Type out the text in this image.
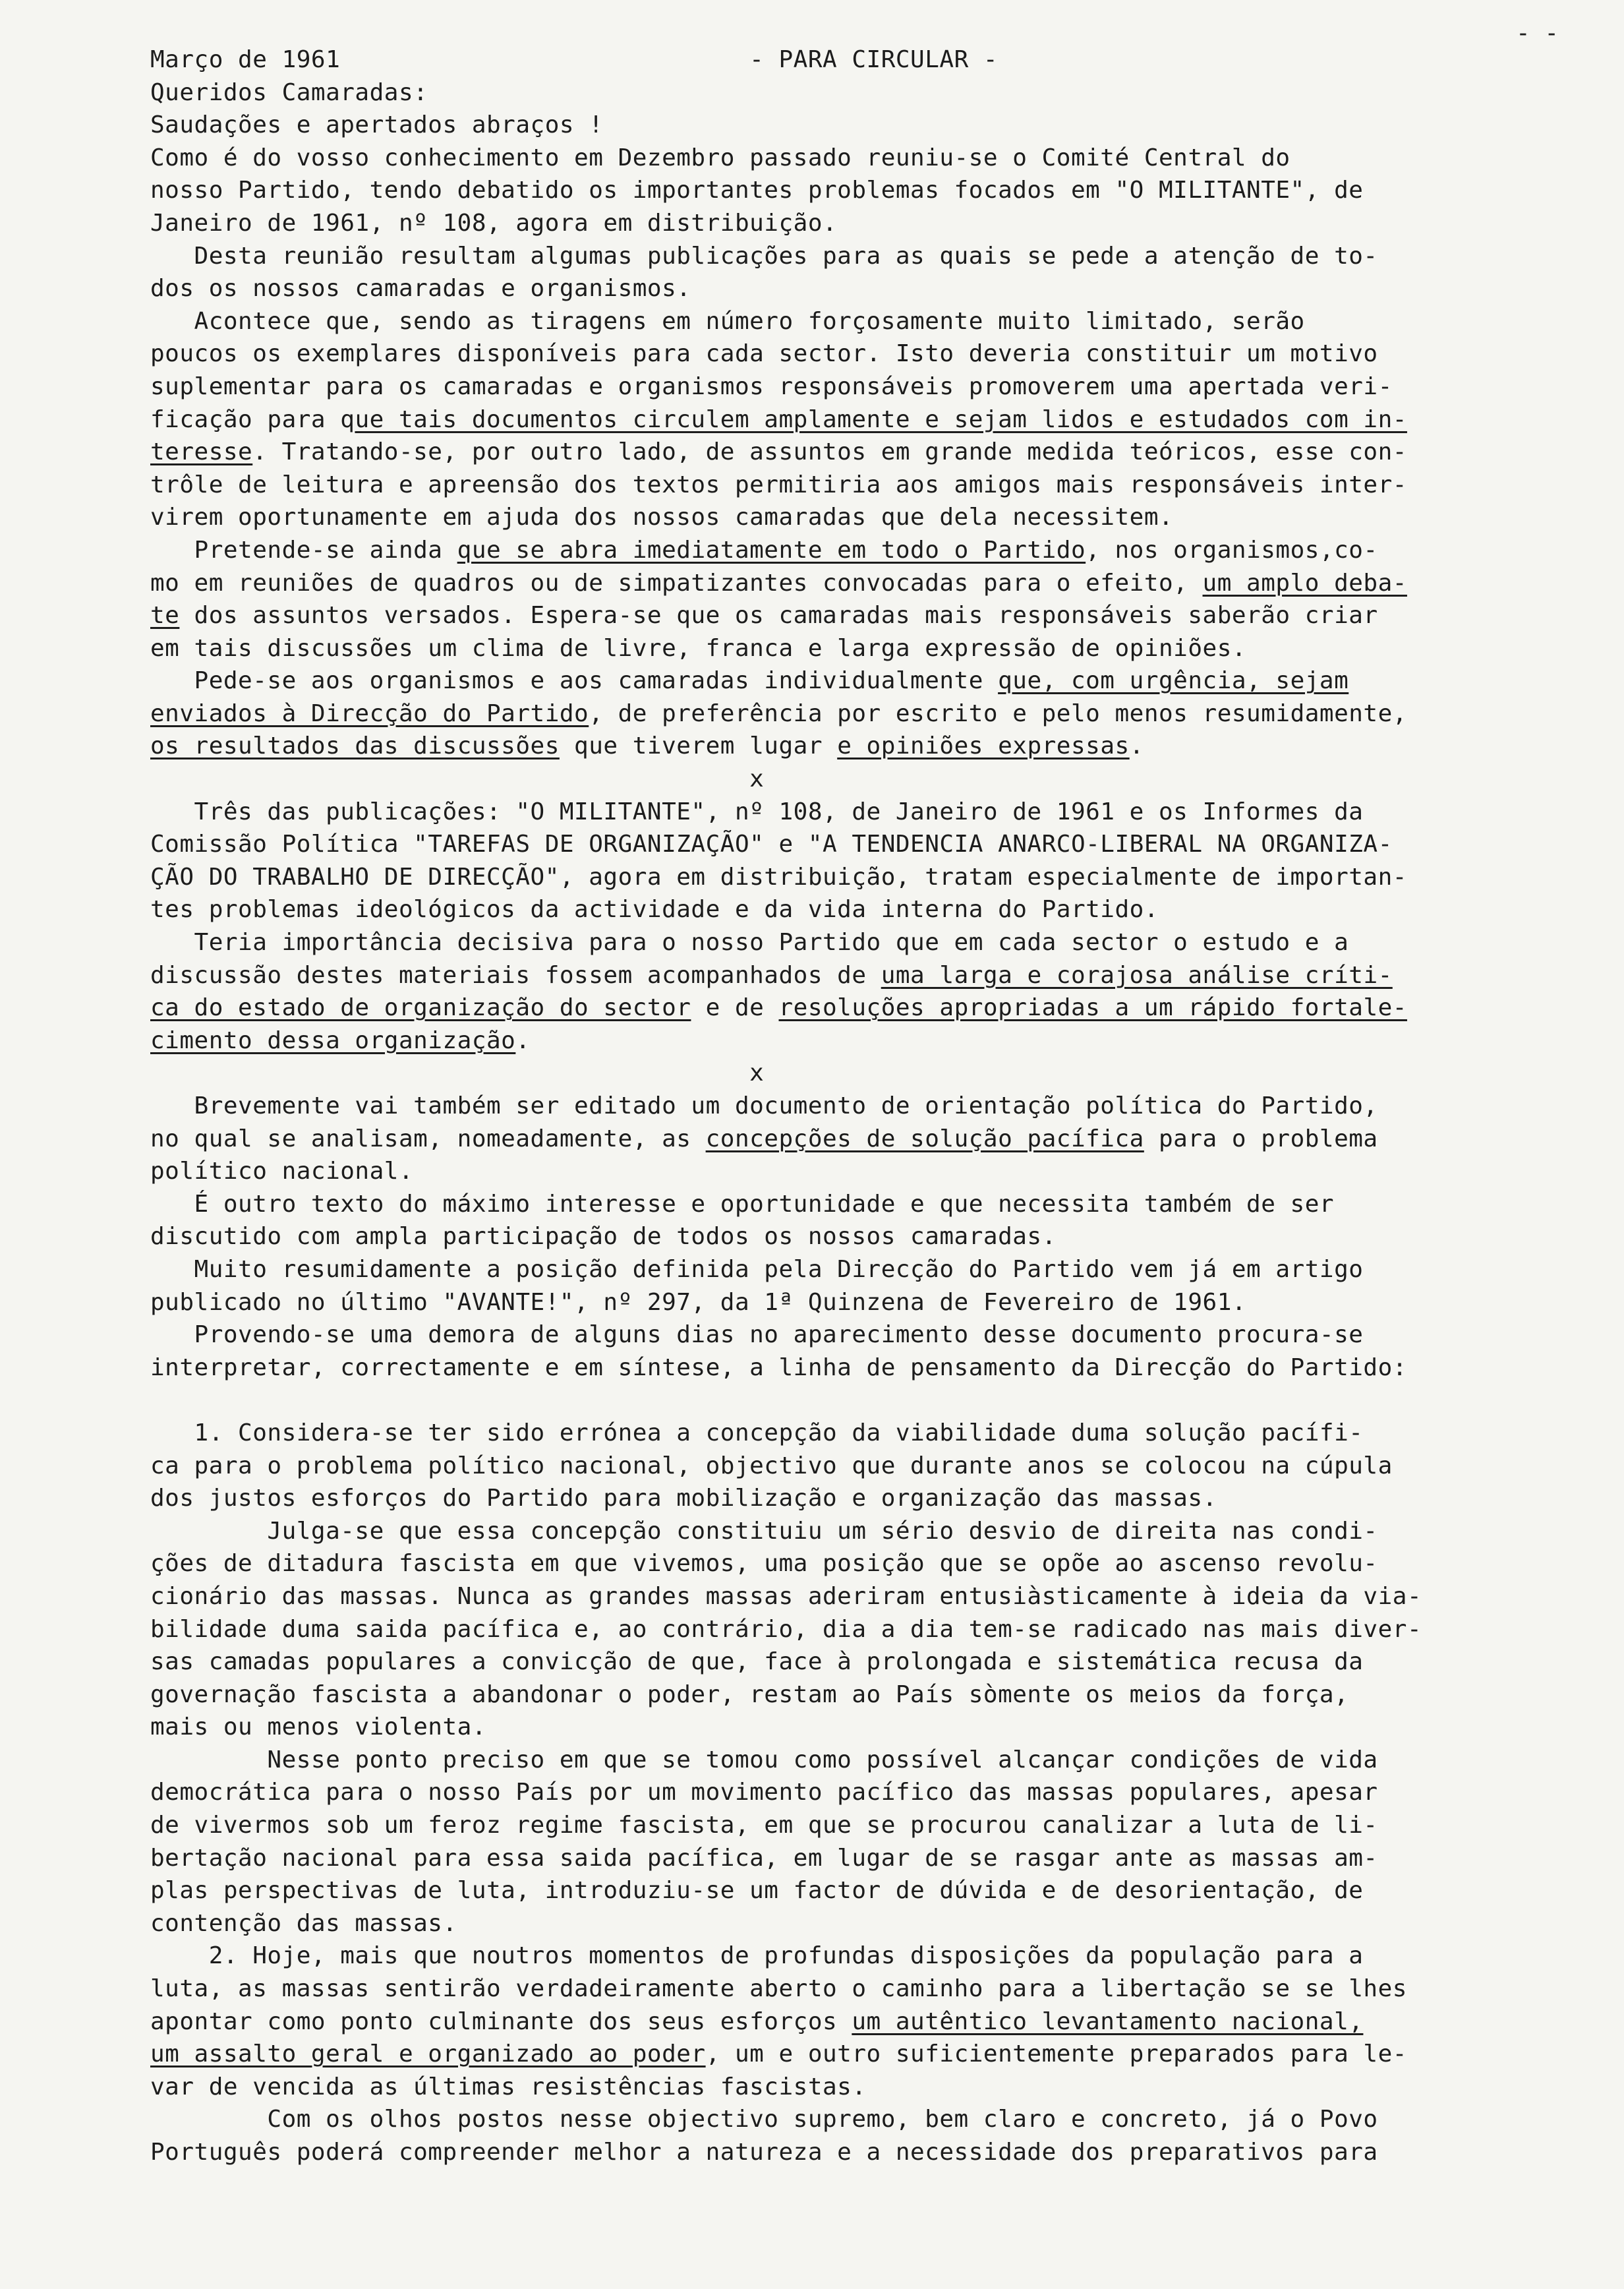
- -
Março de 1961	- PARA CIRCULAR -
Queridos Camaradas:
Saudações e apertados abraços !
Como é do vosso conhecimento em Dezembro passado reuniu-se o Comité Central do
nosso Partido, tendo debatido os importantes problemas focados em "O MILITANTE", de
Janeiro de 1961, nº 108, agora em distribuição.
Desta reunião resultam algumas publicações para as quais se pede a atenção de to-
dos os nossos camaradas e organismos.
Acontece que, sendo as tiragens em número forçosamente muito limitado, serão
poucos os exemplares disponíveis para cada sector. Isto deveria constituir um motivo
suplementar para os camaradas e organismos responsáveis promoverem uma apertada veri-
ficação para que tais documentos circulem amplamente e sejam lidos e estudados com in-
teresse. Tratando-se, por outro lado, de assuntos em grande medida teóricos, esse con-
trôle de leitura e apreensão dos textos permitiria aos amigos mais responsáveis inter-
virem oportunamente em ajuda dos nossos camaradas que dela necessitem.
Pretende-se ainda que se abra imediatamente em todo o Partido, nos organismos,co-
mo em reuniões de quadros ou de simpatizantes convocadas para o efeito, um amplo deba-
te dos assuntos versados. Espera-se que os camaradas mais responsáveis saberão criar
em tais discussões um clima de livre, franca e larga expressão de opiniões.
Pede-se aos organismos e aos camaradas individualmente que, com urgência, sejam
enviados à Direcção do Partido, de preferência por escrito e pelo menos resumidamente,
os resultados das discussões que tiverem lugar e opiniões expressas.
x
Três das publicações: "O MILITANTE", nº 108, de Janeiro de 1961 e os Informes da
Comissão Política "TAREFAS DE ORGANIZAÇÃO" e "A TENDENCIA ANARCO-LIBERAL NA ORGANIZA-
ÇÃO DO TRABALHO DE DIRECÇÃO", agora em distribuição, tratam especialmente de importan-
tes problemas ideológicos da actividade e da vida interna do Partido.
Teria importância decisiva para o nosso Partido que em cada sector o estudo e a
discussão destes materiais fossem acompanhados de uma larga e corajosa análise críti-
ca do estado de organização do sector e de resoluções apropriadas a um rápido fortale-
cimento dessa organização.
x
Brevemente vai também ser editado um documento de orientação política do Partido,
no qual se analisam, nomeadamente, as concepções de solução pacífica para o problema
político nacional.
É outro texto do máximo interesse e oportunidade e que necessita também de ser
discutido com ampla participação de todos os nossos camaradas.
Muito resumidamente a posição definida pela Direcção do Partido vem já em artigo
publicado no último "AVANTE!", nº 297, da 1ª Quinzena de Fevereiro de 1961.
Provendo-se uma demora de alguns dias no aparecimento desse documento procura-se
interpretar, correctamente e em síntese, a linha de pensamento da Direcção do Partido:

1. Considera-se ter sido errónea a concepção da viabilidade duma solução pacífi-
ca para o problema político nacional, objectivo que durante anos se colocou na cúpula
dos justos esforços do Partido para mobilização e organização das massas.
Julga-se que essa concepção constituiu um sério desvio de direita nas condi-
ções de ditadura fascista em que vivemos, uma posição que se opõe ao ascenso revolu-
cionário das massas. Nunca as grandes massas aderiram entusiàsticamente à ideia da via-
bilidade duma saida pacífica e, ao contrário, dia a dia tem-se radicado nas mais diver-
sas camadas populares a convicção de que, face à prolongada e sistemática recusa da
governação fascista a abandonar o poder, restam ao País sòmente os meios da força,
mais ou menos violenta.
Nesse ponto preciso em que se tomou como possível alcançar condições de vida
democrática para o nosso País por um movimento pacífico das massas populares, apesar
de vivermos sob um feroz regime fascista, em que se procurou canalizar a luta de li-
bertação nacional para essa saida pacífica, em lugar de se rasgar ante as massas am-
plas perspectivas de luta, introduziu-se um factor de dúvida e de desorientação, de
contenção das massas.
2. Hoje, mais que noutros momentos de profundas disposições da população para a
luta, as massas sentirão verdadeiramente aberto o caminho para a libertação se se lhes
apontar como ponto culminante dos seus esforços um autêntico levantamento nacional,
um assalto geral e organizado ao poder, um e outro suficientemente preparados para le-
var de vencida as últimas resistências fascistas.
Com os olhos postos nesse objectivo supremo, bem claro e concreto, já o Povo
Português poderá compreender melhor a natureza e a necessidade dos preparativos para
